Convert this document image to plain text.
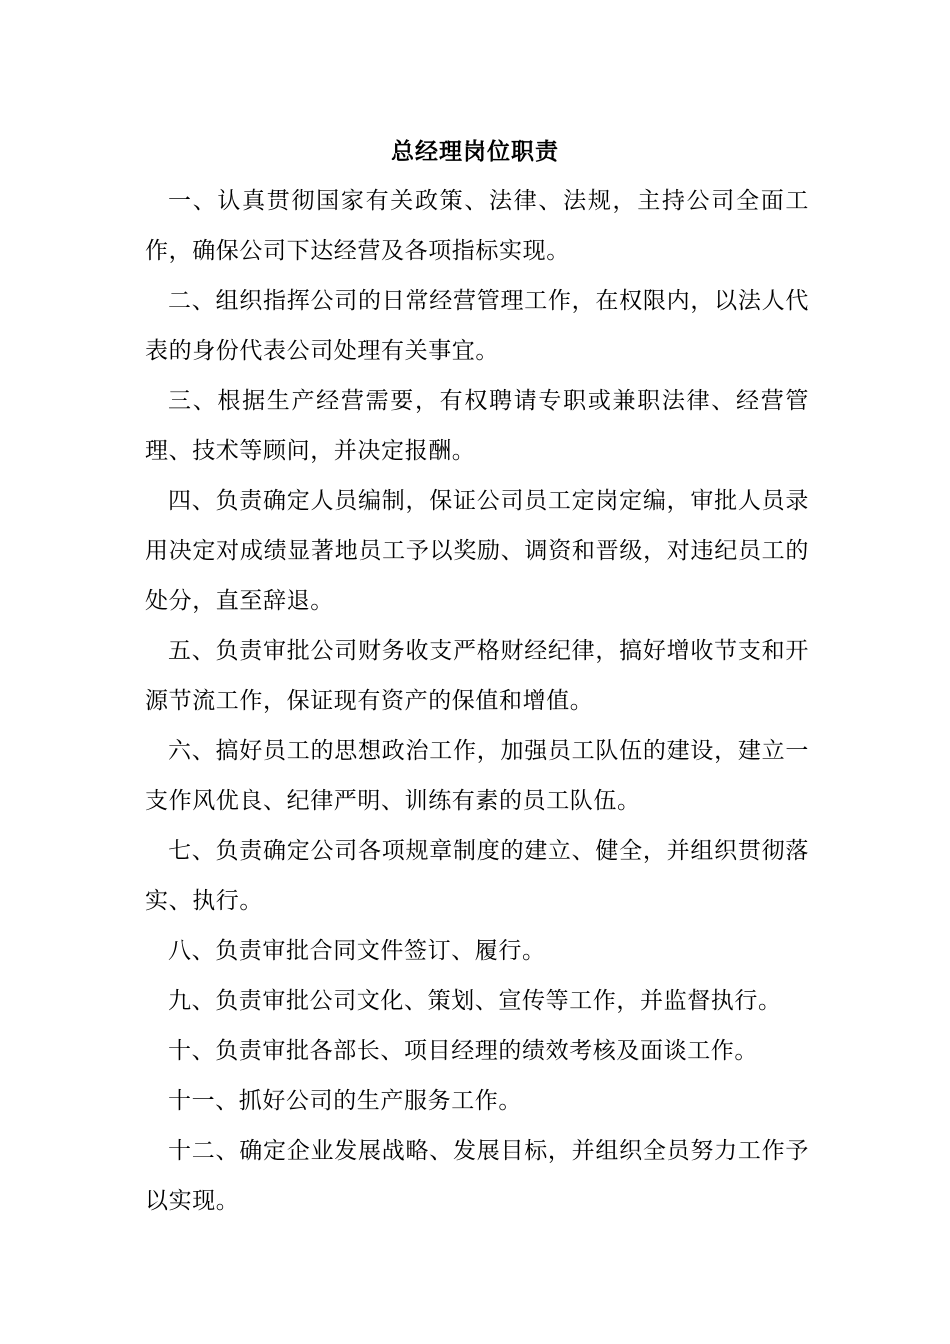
总经理岗位职责

一、认真贯彻国家有关政策、法律、法规，主持公司全面工作，确保公司下达经营及各项指标实现。

二、组织指挥公司的日常经营管理工作，在权限内，以法人代表的身份代表公司处理有关事宜。

三、根据生产经营需要，有权聘请专职或兼职法律、经营管理、技术等顾问，并决定报酬。

四、负责确定人员编制，保证公司员工定岗定编，审批人员录用决定对成绩显著地员工予以奖励、调资和晋级，对违纪员工的处分，直至辞退。

五、负责审批公司财务收支严格财经纪律，搞好增收节支和开源节流工作，保证现有资产的保值和增值。

六、搞好员工的思想政治工作，加强员工队伍的建设，建立一支作风优良、纪律严明、训练有素的员工队伍。

七、负责确定公司各项规章制度的建立、健全，并组织贯彻落实、执行。

八、负责审批合同文件签订、履行。

九、负责审批公司文化、策划、宣传等工作，并监督执行。

十、负责审批各部长、项目经理的绩效考核及面谈工作。

十一、抓好公司的生产服务工作。

十二、确定企业发展战略、发展目标，并组织全员努力工作予以实现。
